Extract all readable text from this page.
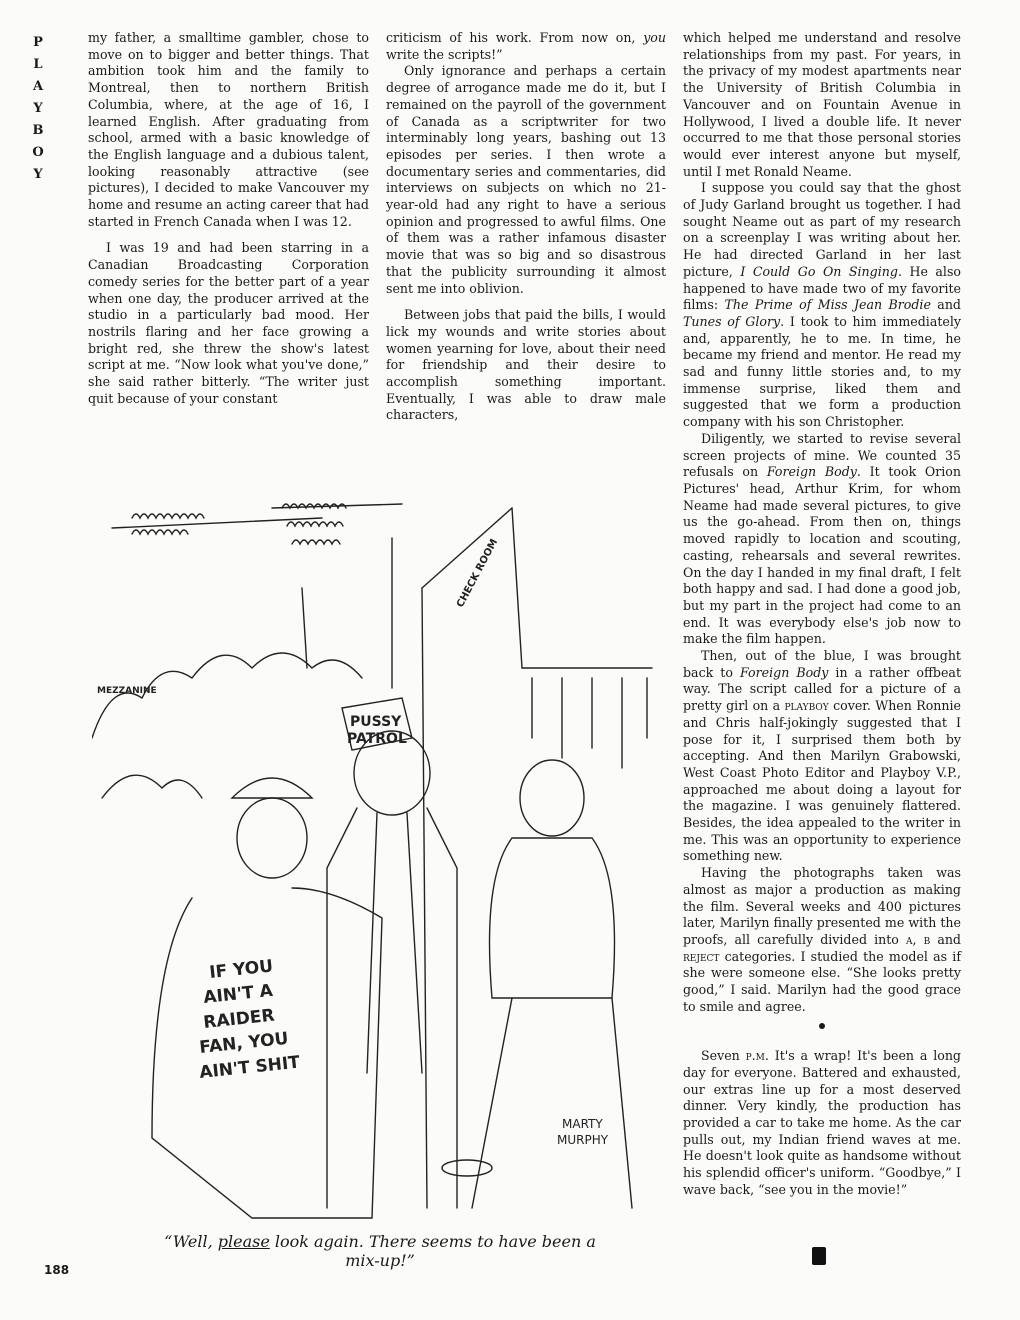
P
L
A
Y
B
O
Y

my father, a smalltime gambler, chose to move on to bigger and better things. That ambition took him and the family to Montreal, then to northern British Columbia, where, at the age of 16, I learned English. After graduating from school, armed with a basic knowledge of the English language and a dubious talent, looking reasonably attractive (see pictures), I decided to make Vancouver my home and resume an acting career that had started in French Canada when I was 12.

I was 19 and had been starring in a Canadian Broadcasting Corporation comedy series for the better part of a year when one day, the producer arrived at the studio in a particularly bad mood. Her nostrils flaring and her face growing a bright red, she threw the show's latest script at me. “Now look what you've done,” she said rather bitterly. “The writer just quit because of your constant

criticism of his work. From now on, you write the scripts!”

Only ignorance and perhaps a certain degree of arrogance made me do it, but I remained on the payroll of the government of Canada as a scriptwriter for two interminably long years, bashing out 13 episodes per series. I then wrote a documentary series and commentaries, did interviews on subjects on which no 21-year-old had any right to have a serious opinion and progressed to awful films. One of them was a rather infamous disaster movie that was so big and so disastrous that the publicity surrounding it almost sent me into oblivion.

Between jobs that paid the bills, I would lick my wounds and write stories about women yearning for love, about their need for friendship and their desire to accomplish something important. Eventually, I was able to draw male characters,

which helped me understand and resolve relationships from my past. For years, in the privacy of my modest apartments near the University of British Columbia in Vancouver and on Fountain Avenue in Hollywood, I lived a double life. It never occurred to me that those personal stories would ever interest anyone but myself, until I met Ronald Neame.

I suppose you could say that the ghost of Judy Garland brought us together. I had sought Neame out as part of my research on a screenplay I was writing about her. He had directed Garland in her last picture, I Could Go On Singing. He also happened to have made two of my favorite films: The Prime of Miss Jean Brodie and Tunes of Glory. I took to him immediately and, apparently, he to me. In time, he became my friend and mentor. He read my sad and funny little stories and, to my immense surprise, liked them and suggested that we form a production company with his son Christopher.

Diligently, we started to revise several screen projects of mine. We counted 35 refusals on Foreign Body. It took Orion Pictures' head, Arthur Krim, for whom Neame had made several pictures, to give us the go-ahead. From then on, things moved rapidly to location and scouting, casting, rehearsals and several rewrites. On the day I handed in my final draft, I felt both happy and sad. I had done a good job, but my part in the project had come to an end. It was everybody else's job now to make the film happen.

Then, out of the blue, I was brought back to Foreign Body in a rather offbeat way. The script called for a picture of a pretty girl on a playboy cover. When Ronnie and Chris half-jokingly suggested that I pose for it, I surprised them both by accepting. And then Marilyn Grabowski, West Coast Photo Editor and Playboy V.P., approached me about doing a layout for the magazine. I was genuinely flattered. Besides, the idea appealed to the writer in me. This was an opportunity to experience something new.

Having the photographs taken was almost as major a production as making the film. Several weeks and 400 pictures later, Marilyn finally presented me with the proofs, all carefully divided into a, b and reject categories. I studied the model as if she were someone else. “She looks pretty good,” I said. Marilyn had the good grace to smile and agree.

Seven p.m. It's a wrap! It's been a long day for everyone. Battered and exhausted, our extras line up for a most deserved dinner. Very kindly, the production has provided a car to take me home. As the car pulls out, my Indian friend waves at me. He doesn't look quite as handsome without his splendid officer's uniform. “Goodbye,” I wave back, “see you in the movie!”

PUSSY
PATROL
IF YOU
AIN'T A
RAIDER
FAN, YOU
AIN'T SHIT
CHECK ROOM
MEZZANINE
MARTY
MURPHY
“Well, please look again. There seems to have been a mix-up!”
188
